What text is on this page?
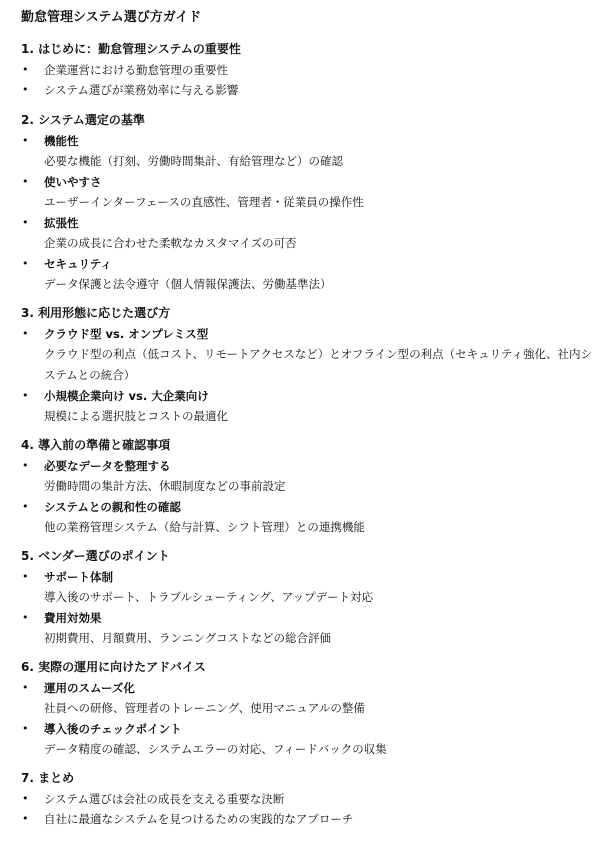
勤怠管理システム選び方ガイド
1. はじめに：勤怠管理システムの重要性
• 企業運営における勤怠管理の重要性
• システム選びが業務効率に与える影響
2. システム選定の基準
• 機能性
必要な機能（打刻、労働時間集計、有給管理など）の確認
• 使いやすさ
ユーザーインターフェースの直感性、管理者・従業員の操作性
• 拡張性
企業の成長に合わせた柔軟なカスタマイズの可否
• セキュリティ
データ保護と法令遵守（個人情報保護法、労働基準法）
3. 利用形態に応じた選び方
• クラウド型 vs. オンプレミス型
クラウド型の利点（低コスト、リモートアクセスなど）とオフライン型の利点（セキュリティ強化、社内システムとの統合）
• 小規模企業向け vs. 大企業向け
規模による選択肢とコストの最適化
4. 導入前の準備と確認事項
• 必要なデータを整理する
労働時間の集計方法、休暇制度などの事前設定
• システムとの親和性の確認
他の業務管理システム（給与計算、シフト管理）との連携機能
5. ベンダー選びのポイント
• サポート体制
導入後のサポート、トラブルシューティング、アップデート対応
• 費用対効果
初期費用、月額費用、ランニングコストなどの総合評価
6. 実際の運用に向けたアドバイス
• 運用のスムーズ化
社員への研修、管理者のトレーニング、使用マニュアルの整備
• 導入後のチェックポイント
データ精度の確認、システムエラーの対応、フィードバックの収集
7. まとめ
• システム選びは会社の成長を支える重要な決断
• 自社に最適なシステムを見つけるための実践的なアプローチ
